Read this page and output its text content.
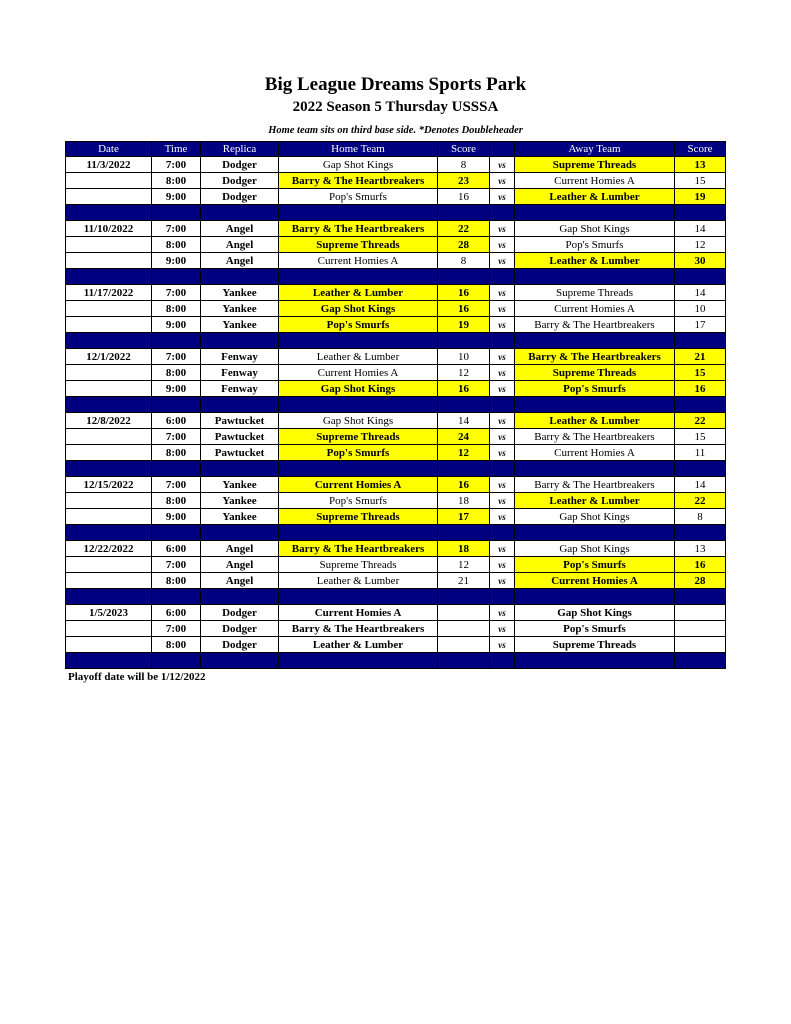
Big League Dreams Sports Park
2022 Season 5 Thursday USSSA
Home team sits on third base side. *Denotes Doubleheader
Date	Time	Replica	Home Team	Score		Away Team	Score
11/3/2022	7:00	Dodger	Gap Shot Kings	8	vs	Supreme Threads	13
	8:00	Dodger	Barry & The Heartbreakers	23	vs	Current Homies A	15
	9:00	Dodger	Pop's Smurfs	16	vs	Leather & Lumber	19

11/10/2022	7:00	Angel	Barry & The Heartbreakers	22	vs	Gap Shot Kings	14
	8:00	Angel	Supreme Threads	28	vs	Pop's Smurfs	12
	9:00	Angel	Current Homies A	8	vs	Leather & Lumber	30

11/17/2022	7:00	Yankee	Leather & Lumber	16	vs	Supreme Threads	14
	8:00	Yankee	Gap Shot Kings	16	vs	Current Homies A	10
	9:00	Yankee	Pop's Smurfs	19	vs	Barry & The Heartbreakers	17

12/1/2022	7:00	Fenway	Leather & Lumber	10	vs	Barry & The Heartbreakers	21
	8:00	Fenway	Current Homies A	12	vs	Supreme Threads	15
	9:00	Fenway	Gap Shot Kings	16	vs	Pop's Smurfs	16

12/8/2022	6:00	Pawtucket	Gap Shot Kings	14	vs	Leather & Lumber	22
	7:00	Pawtucket	Supreme Threads	24	vs	Barry & The Heartbreakers	15
	8:00	Pawtucket	Pop's Smurfs	12	vs	Current Homies A	11

12/15/2022	7:00	Yankee	Current Homies A	16	vs	Barry & The Heartbreakers	14
	8:00	Yankee	Pop's Smurfs	18	vs	Leather & Lumber	22
	9:00	Yankee	Supreme Threads	17	vs	Gap Shot Kings	8

12/22/2022	6:00	Angel	Barry & The Heartbreakers	18	vs	Gap Shot Kings	13
	7:00	Angel	Supreme Threads	12	vs	Pop's Smurfs	16
	8:00	Angel	Leather & Lumber	21	vs	Current Homies A	28

1/5/2023	6:00	Dodger	Current Homies A		vs	Gap Shot Kings	
	7:00	Dodger	Barry & The Heartbreakers		vs	Pop's Smurfs	
	8:00	Dodger	Leather & Lumber		vs	Supreme Threads	

Playoff date will be 1/12/2022
